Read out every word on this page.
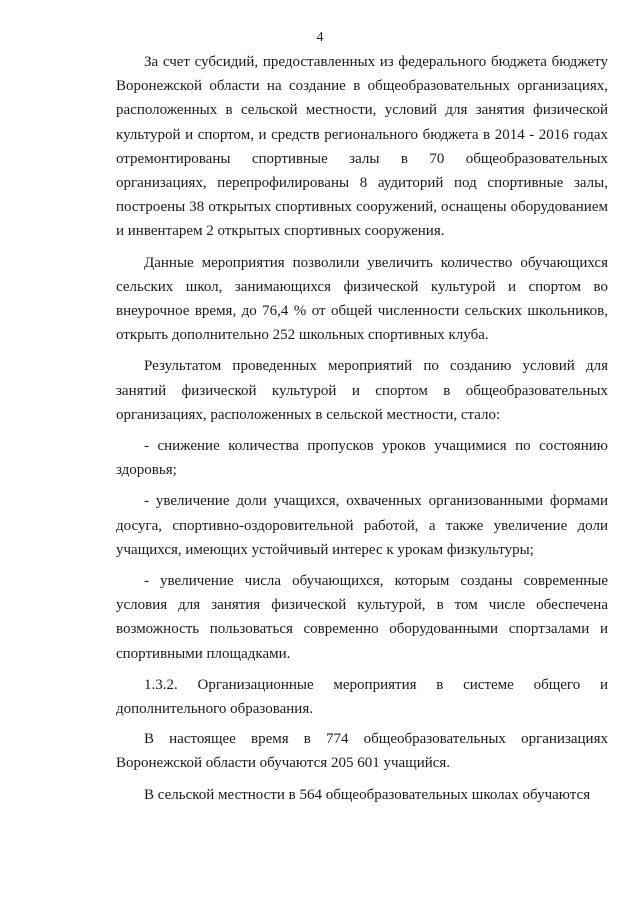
4

За счет субсидий, предоставленных из федерального бюджета бюджету Воронежской области на создание в общеобразовательных организациях, расположенных в сельской местности, условий для занятия физической культурой и спортом, и средств регионального бюджета в 2014 - 2016 годах отремонтированы спортивные залы в 70 общеобразовательных организациях, перепрофилированы 8 аудиторий под спортивные залы, построены 38 открытых спортивных сооружений, оснащены оборудованием и инвентарем 2 открытых спортивных сооружения.

Данные мероприятия позволили увеличить количество обучающихся сельских школ, занимающихся физической культурой и спортом во внеурочное время, до 76,4 % от общей численности сельских школьников, открыть дополнительно 252 школьных спортивных клуба.

Результатом проведенных мероприятий по созданию условий для занятий физической культурой и спортом в общеобразовательных организациях, расположенных в сельской местности, стало:

- снижение количества пропусков уроков учащимися по состоянию здоровья;

- увеличение доли учащихся, охваченных организованными формами досуга, спортивно-оздоровительной работой, а также увеличение доли учащихся, имеющих устойчивый интерес к урокам физкультуры;

- увеличение числа обучающихся, которым созданы современные условия для занятия физической культурой, в том числе обеспечена возможность пользоваться современно оборудованными спортзалами и спортивными площадками.

1.3.2. Организационные мероприятия в системе общего и дополнительного образования.

В настоящее время в 774 общеобразовательных организациях Воронежской области обучаются 205 601 учащийся.

В сельской местности в 564 общеобразовательных школах обучаются
